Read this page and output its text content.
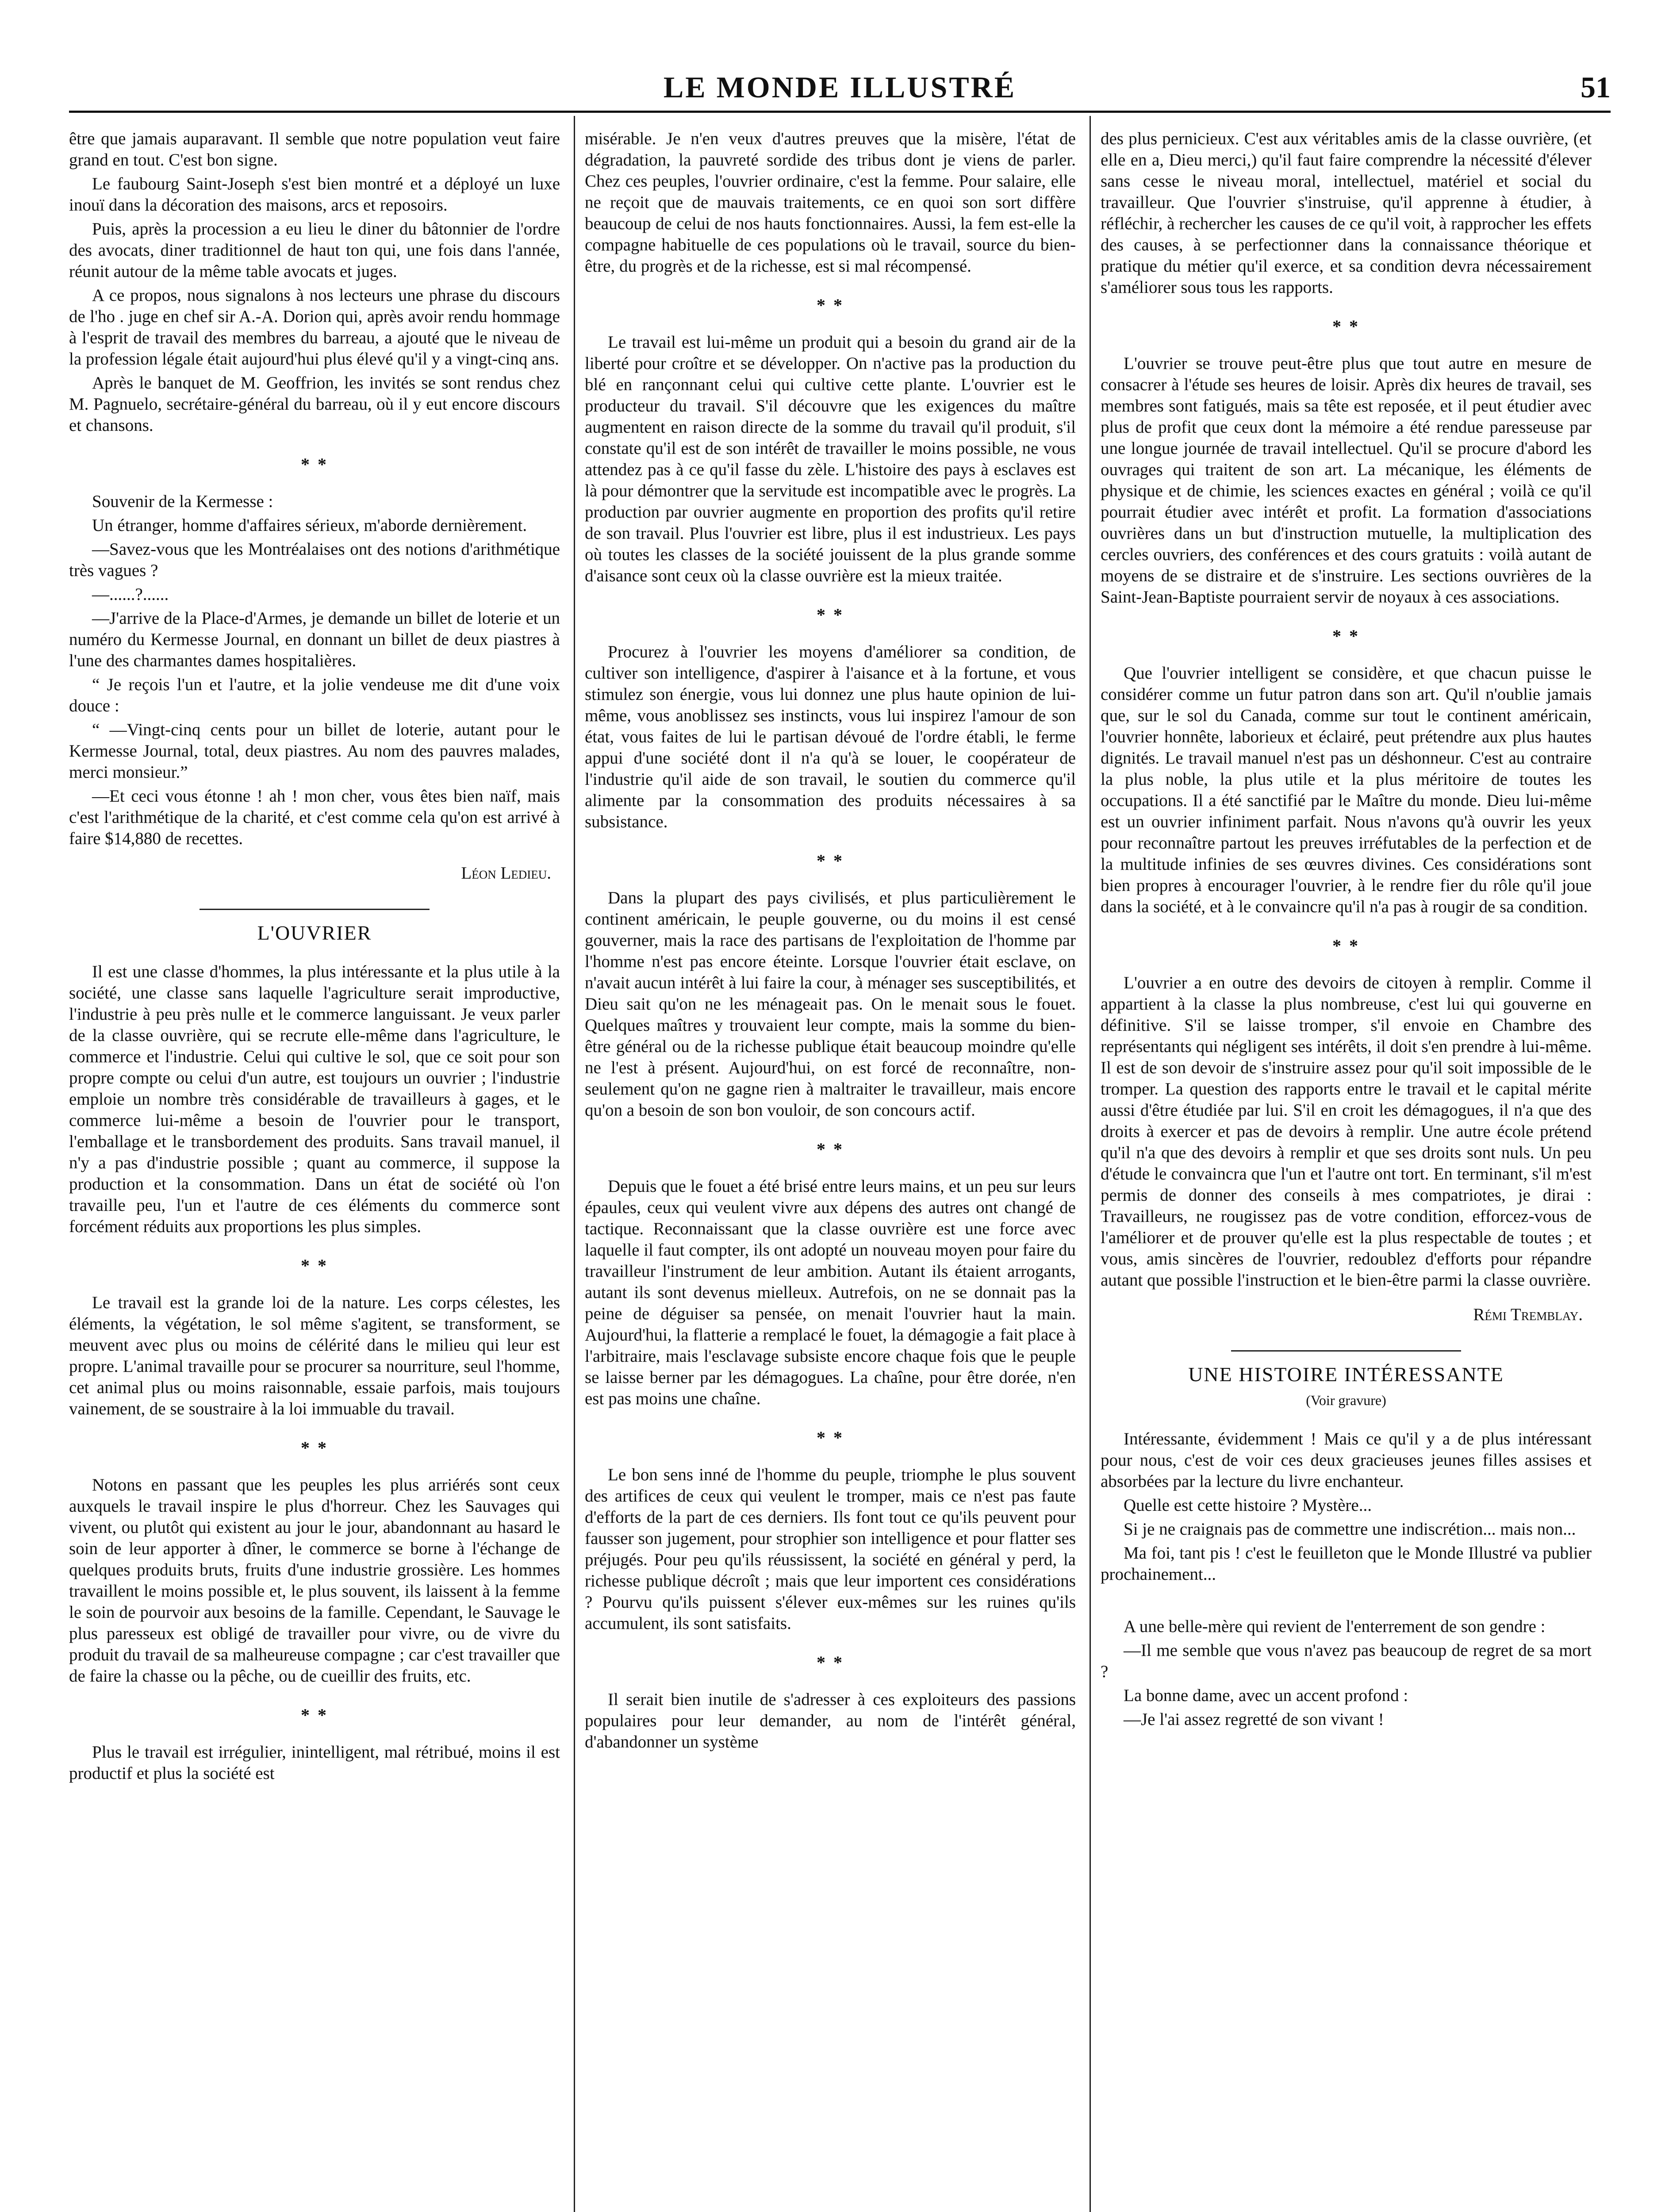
LE MONDE ILLUSTRÉ	51

être que jamais auparavant. Il semble que notre population veut faire grand en tout. C'est bon signe.

Le faubourg Saint-Joseph s'est bien montré et a déployé un luxe inouï dans la décoration des maisons, arcs et reposoirs.

Puis, après la procession a eu lieu le diner du bâtonnier de l'ordre des avocats, diner traditionnel de haut ton qui, une fois dans l'année, réunit autour de la même table avocats et juges.

A ce propos, nous signalons à nos lecteurs une phrase du discours de l'ho . juge en chef sir A.-A. Dorion qui, après avoir rendu hommage à l'esprit de travail des membres du barreau, a ajouté que le niveau de la profession légale était aujourd'hui plus élevé qu'il y a vingt-cinq ans.

Après le banquet de M. Geoffrion, les invités se sont rendus chez M. Pagnuelo, secrétaire-général du barreau, où il y eut encore discours et chansons.

* *

Souvenir de la Kermesse :

Un étranger, homme d'affaires sérieux, m'aborde dernièrement.

—Savez-vous que les Montréalaises ont des notions d'arithmétique très vagues ?

—......?......

—J'arrive de la Place-d'Armes, je demande un billet de loterie et un numéro du Kermesse Journal, en donnant un billet de deux piastres à l'une des charmantes dames hospitalières.

“ Je reçois l'un et l'autre, et la jolie vendeuse me dit d'une voix douce :

“ —Vingt-cinq cents pour un billet de loterie, autant pour le Kermesse Journal, total, deux piastres. Au nom des pauvres malades, merci monsieur.”

—Et ceci vous étonne ! ah ! mon cher, vous êtes bien naïf, mais c'est l'arithmétique de la charité, et c'est comme cela qu'on est arrivé à faire $14,880 de recettes.

Léon Ledieu.
L'OUVRIER

Il est une classe d'hommes, la plus intéressante et la plus utile à la société, une classe sans laquelle l'agriculture serait improductive, l'industrie à peu près nulle et le commerce languissant. Je veux parler de la classe ouvrière, qui se recrute elle-même dans l'agriculture, le commerce et l'industrie. Celui qui cultive le sol, que ce soit pour son propre compte ou celui d'un autre, est toujours un ouvrier ; l'industrie emploie un nombre très considérable de travailleurs à gages, et le commerce lui-même a besoin de l'ouvrier pour le transport, l'emballage et le transbordement des produits. Sans travail manuel, il n'y a pas d'industrie possible ; quant au commerce, il suppose la production et la consommation. Dans un état de société où l'on travaille peu, l'un et l'autre de ces éléments du commerce sont forcément réduits aux proportions les plus simples.

* *

Le travail est la grande loi de la nature. Les corps célestes, les éléments, la végétation, le sol même s'agitent, se transforment, se meuvent avec plus ou moins de célérité dans le milieu qui leur est propre. L'animal travaille pour se procurer sa nourriture, seul l'homme, cet animal plus ou moins raisonnable, essaie parfois, mais toujours vainement, de se soustraire à la loi immuable du travail.

* *

Notons en passant que les peuples les plus arriérés sont ceux auxquels le travail inspire le plus d'horreur. Chez les Sauvages qui vivent, ou plutôt qui existent au jour le jour, abandonnant au hasard le soin de leur apporter à dîner, le commerce se borne à l'échange de quelques produits bruts, fruits d'une industrie grossière. Les hommes travaillent le moins possible et, le plus souvent, ils laissent à la femme le soin de pourvoir aux besoins de la famille. Cependant, le Sauvage le plus paresseux est obligé de travailler pour vivre, ou de vivre du produit du travail de sa malheureuse compagne ; car c'est travailler que de faire la chasse ou la pêche, ou de cueillir des fruits, etc.

* *

Plus le travail est irrégulier, inintelligent, mal rétribué, moins il est productif et plus la société est

misérable. Je n'en veux d'autres preuves que la misère, l'état de dégradation, la pauvreté sordide des tribus dont je viens de parler. Chez ces peuples, l'ouvrier ordinaire, c'est la femme. Pour salaire, elle ne reçoit que de mauvais traitements, ce en quoi son sort diffère beaucoup de celui de nos hauts fonctionnaires. Aussi, la fem est-elle la compagne habituelle de ces populations où le travail, source du bien-être, du progrès et de la richesse, est si mal récompensé.

* *

Le travail est lui-même un produit qui a besoin du grand air de la liberté pour croître et se développer. On n'active pas la production du blé en rançonnant celui qui cultive cette plante. L'ouvrier est le producteur du travail. S'il découvre que les exigences du maître augmentent en raison directe de la somme du travail qu'il produit, s'il constate qu'il est de son intérêt de travailler le moins possible, ne vous attendez pas à ce qu'il fasse du zèle. L'histoire des pays à esclaves est là pour démontrer que la servitude est incompatible avec le progrès. La production par ouvrier augmente en proportion des profits qu'il retire de son travail. Plus l'ouvrier est libre, plus il est industrieux. Les pays où toutes les classes de la société jouissent de la plus grande somme d'aisance sont ceux où la classe ouvrière est la mieux traitée.

* *

Procurez à l'ouvrier les moyens d'améliorer sa condition, de cultiver son intelligence, d'aspirer à l'aisance et à la fortune, et vous stimulez son énergie, vous lui donnez une plus haute opinion de lui-même, vous anoblissez ses instincts, vous lui inspirez l'amour de son état, vous faites de lui le partisan dévoué de l'ordre établi, le ferme appui d'une société dont il n'a qu'à se louer, le coopérateur de l'industrie qu'il aide de son travail, le soutien du commerce qu'il alimente par la consommation des produits nécessaires à sa subsistance.

* *

Dans la plupart des pays civilisés, et plus particulièrement le continent américain, le peuple gouverne, ou du moins il est censé gouverner, mais la race des partisans de l'exploitation de l'homme par l'homme n'est pas encore éteinte. Lorsque l'ouvrier était esclave, on n'avait aucun intérêt à lui faire la cour, à ménager ses susceptibilités, et Dieu sait qu'on ne les ménageait pas. On le menait sous le fouet. Quelques maîtres y trouvaient leur compte, mais la somme du bien-être général ou de la richesse publique était beaucoup moindre qu'elle ne l'est à présent. Aujourd'hui, on est forcé de reconnaître, non-seulement qu'on ne gagne rien à maltraiter le travailleur, mais encore qu'on a besoin de son bon vouloir, de son concours actif.

* *

Depuis que le fouet a été brisé entre leurs mains, et un peu sur leurs épaules, ceux qui veulent vivre aux dépens des autres ont changé de tactique. Reconnaissant que la classe ouvrière est une force avec laquelle il faut compter, ils ont adopté un nouveau moyen pour faire du travailleur l'instrument de leur ambition. Autant ils étaient arrogants, autant ils sont devenus mielleux. Autrefois, on ne se donnait pas la peine de déguiser sa pensée, on menait l'ouvrier haut la main. Aujourd'hui, la flatterie a remplacé le fouet, la démagogie a fait place à l'arbitraire, mais l'esclavage subsiste encore chaque fois que le peuple se laisse berner par les démagogues. La chaîne, pour être dorée, n'en est pas moins une chaîne.

* *

Le bon sens inné de l'homme du peuple, triomphe le plus souvent des artifices de ceux qui veulent le tromper, mais ce n'est pas faute d'efforts de la part de ces derniers. Ils font tout ce qu'ils peuvent pour fausser son jugement, pour strophier son intelligence et pour flatter ses préjugés. Pour peu qu'ils réussissent, la société en général y perd, la richesse publique décroît ; mais que leur importent ces considérations ? Pourvu qu'ils puissent s'élever eux-mêmes sur les ruines qu'ils accumulent, ils sont satisfaits.

* *

Il serait bien inutile de s'adresser à ces exploiteurs des passions populaires pour leur demander, au nom de l'intérêt général, d'abandonner un système

des plus pernicieux. C'est aux véritables amis de la classe ouvrière, (et elle en a, Dieu merci,) qu'il faut faire comprendre la nécessité d'élever sans cesse le niveau moral, intellectuel, matériel et social du travailleur. Que l'ouvrier s'instruise, qu'il apprenne à étudier, à réfléchir, à rechercher les causes de ce qu'il voit, à rapprocher les effets des causes, à se perfectionner dans la connaissance théorique et pratique du métier qu'il exerce, et sa condition devra nécessairement s'améliorer sous tous les rapports.

* *

L'ouvrier se trouve peut-être plus que tout autre en mesure de consacrer à l'étude ses heures de loisir. Après dix heures de travail, ses membres sont fatigués, mais sa tête est reposée, et il peut étudier avec plus de profit que ceux dont la mémoire a été rendue paresseuse par une longue journée de travail intellectuel. Qu'il se procure d'abord les ouvrages qui traitent de son art. La mécanique, les éléments de physique et de chimie, les sciences exactes en général ; voilà ce qu'il pourrait étudier avec intérêt et profit. La formation d'associations ouvrières dans un but d'instruction mutuelle, la multiplication des cercles ouvriers, des conférences et des cours gratuits : voilà autant de moyens de se distraire et de s'instruire. Les sections ouvrières de la Saint-Jean-Baptiste pourraient servir de noyaux à ces associations.

* *

Que l'ouvrier intelligent se considère, et que chacun puisse le considérer comme un futur patron dans son art. Qu'il n'oublie jamais que, sur le sol du Canada, comme sur tout le continent américain, l'ouvrier honnête, laborieux et éclairé, peut prétendre aux plus hautes dignités. Le travail manuel n'est pas un déshonneur. C'est au contraire la plus noble, la plus utile et la plus méritoire de toutes les occupations. Il a été sanctifié par le Maître du monde. Dieu lui-même est un ouvrier infiniment parfait. Nous n'avons qu'à ouvrir les yeux pour reconnaître partout les preuves irréfutables de la perfection et de la multitude infinies de ses œuvres divines. Ces considérations sont bien propres à encourager l'ouvrier, à le rendre fier du rôle qu'il joue dans la société, et à le convaincre qu'il n'a pas à rougir de sa condition.

* *

L'ouvrier a en outre des devoirs de citoyen à remplir. Comme il appartient à la classe la plus nombreuse, c'est lui qui gouverne en définitive. S'il se laisse tromper, s'il envoie en Chambre des représentants qui négligent ses intérêts, il doit s'en prendre à lui-même. Il est de son devoir de s'instruire assez pour qu'il soit impossible de le tromper. La question des rapports entre le travail et le capital mérite aussi d'être étudiée par lui. S'il en croit les démagogues, il n'a que des droits à exercer et pas de devoirs à remplir. Une autre école prétend qu'il n'a que des devoirs à remplir et que ses droits sont nuls. Un peu d'étude le convaincra que l'un et l'autre ont tort. En terminant, s'il m'est permis de donner des conseils à mes compatriotes, je dirai : Travailleurs, ne rougissez pas de votre condition, efforcez-vous de l'améliorer et de prouver qu'elle est la plus respectable de toutes ; et vous, amis sincères de l'ouvrier, redoublez d'efforts pour répandre autant que possible l'instruction et le bien-être parmi la classe ouvrière.

Rémi Tremblay.
UNE HISTOIRE INTÉRESSANTE
(Voir gravure)

Intéressante, évidemment ! Mais ce qu'il y a de plus intéressant pour nous, c'est de voir ces deux gracieuses jeunes filles assises et absorbées par la lecture du livre enchanteur.

Quelle est cette histoire ? Mystère...

Si je ne craignais pas de commettre une indiscrétion... mais non...

Ma foi, tant pis ! c'est le feuilleton que le Monde Illustré va publier prochainement...

A une belle-mère qui revient de l'enterrement de son gendre :

—Il me semble que vous n'avez pas beaucoup de regret de sa mort ?

La bonne dame, avec un accent profond :

—Je l'ai assez regretté de son vivant !
